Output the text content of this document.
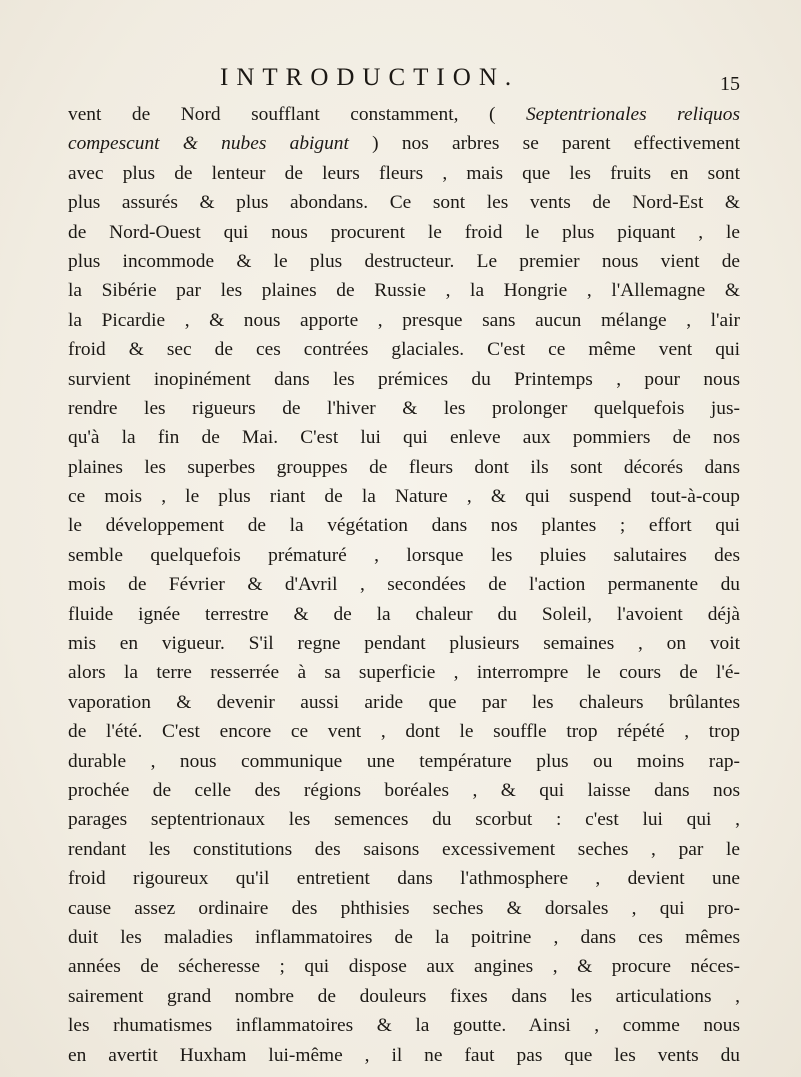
INTRODUCTION.	15
vent de Nord soufflant constamment, ( Septentrionales reliquos
compescunt & nubes abigunt ) nos arbres se parent effectivement
avec plus de lenteur de leurs fleurs , mais que les fruits en sont
plus assurés & plus abondans. Ce sont les vents de Nord-Est &
de Nord-Ouest qui nous procurent le froid le plus piquant , le
plus incommode & le plus destructeur. Le premier nous vient de
la Sibérie par les plaines de Russie , la Hongrie , l'Allemagne &
la Picardie , & nous apporte , presque sans aucun mélange , l'air
froid & sec de ces contrées glaciales. C'est ce même vent qui
survient inopinément dans les prémices du Printemps , pour nous
rendre les rigueurs de l'hiver & les prolonger quelquefois jus-
qu'à la fin de Mai. C'est lui qui enleve aux pommiers de nos
plaines les superbes grouppes de fleurs dont ils sont décorés dans
ce mois , le plus riant de la Nature , & qui suspend tout-à-coup
le développement de la végétation dans nos plantes ; effort qui
semble quelquefois prématuré , lorsque les pluies salutaires des
mois de Février & d'Avril , secondées de l'action permanente du
fluide ignée terrestre & de la chaleur du Soleil, l'avoient déjà
mis en vigueur. S'il regne pendant plusieurs semaines , on voit
alors la terre resserrée à sa superficie , interrompre le cours de l'é-
vaporation & devenir aussi aride que par les chaleurs brûlantes
de l'été. C'est encore ce vent , dont le souffle trop répété , trop
durable , nous communique une température plus ou moins rap-
prochée de celle des régions boréales , & qui laisse dans nos
parages septentrionaux les semences du scorbut : c'est lui qui ,
rendant les constitutions des saisons excessivement seches , par le
froid rigoureux qu'il entretient dans l'athmosphere , devient une
cause assez ordinaire des phthisies seches & dorsales , qui pro-
duit les maladies inflammatoires de la poitrine , dans ces mêmes
années de sécheresse ; qui dispose aux angines , & procure néces-
sairement grand nombre de douleurs fixes dans les articulations ,
les rhumatismes inflammatoires & la goutte. Ainsi , comme nous
en avertit Huxham lui-même , il ne faut pas que les vents du
